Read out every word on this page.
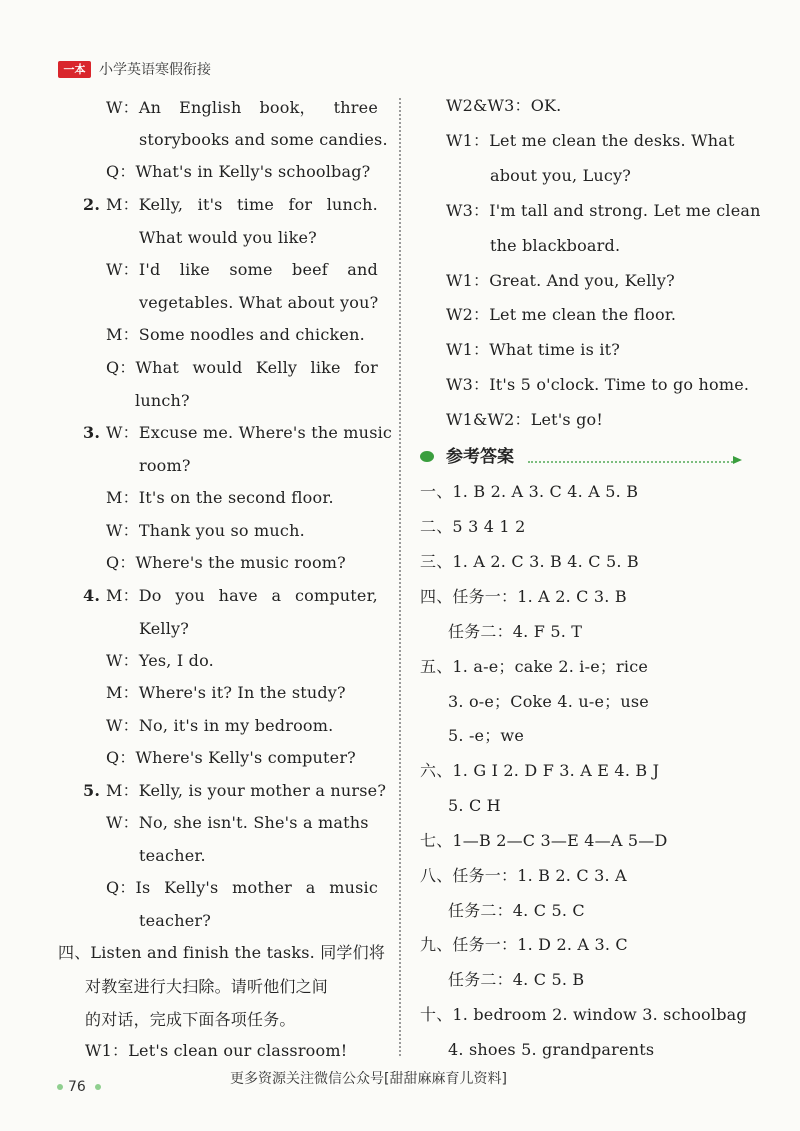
一本 小学英语寒假衔接
W：An English book， three
storybooks and some candies.
Q：What's in Kelly's schoolbag?
2. M：Kelly, it's time for lunch.
What would you like?
W：I'd like some beef and
vegetables. What about you?
M：Some noodles and chicken.
Q：What would Kelly like for
lunch?
3. W：Excuse me. Where's the music
room?
M：It's on the second floor.
W：Thank you so much.
Q：Where's the music room?
4. M：Do you have a computer,
Kelly?
W：Yes, I do.
M：Where's it? In the study?
W：No, it's in my bedroom.
Q：Where's Kelly's computer?
5. M：Kelly, is your mother a nurse?
W：No, she isn't. She's a maths
teacher.
Q：Is Kelly's mother a music
teacher?
四、Listen and finish the tasks. 同学们将
对教室进行大扫除。请听他们之间
的对话，完成下面各项任务。
W1：Let's clean our classroom!
W2&W3：OK.
W1：Let me clean the desks. What
about you, Lucy?
W3：I'm tall and strong. Let me clean
the blackboard.
W1：Great. And you, Kelly?
W2：Let me clean the floor.
W1：What time is it?
W3：It's 5 o'clock. Time to go home.
W1&W2：Let's go!
参考答案
一、1. B 2. A 3. C 4. A 5. B
二、5 3 4 1 2
三、1. A 2. C 3. B 4. C 5. B
四、任务一：1. A 2. C 3. B
任务二：4. F 5. T
五、1. a-e；cake 2. i-e；rice
3. o-e；Coke 4. u-e；use
5. -e；we
六、1. G I 2. D F 3. A E 4. B J
5. C H
七、1—B 2—C 3—E 4—A 5—D
八、任务一：1. B 2. C 3. A
任务二：4. C 5. C
九、任务一：1. D 2. A 3. C
任务二：4. C 5. B
十、1. bedroom 2. window 3. schoolbag
4. shoes 5. grandparents
76	更多资源关注微信公众号[甜甜麻麻育儿资料]
